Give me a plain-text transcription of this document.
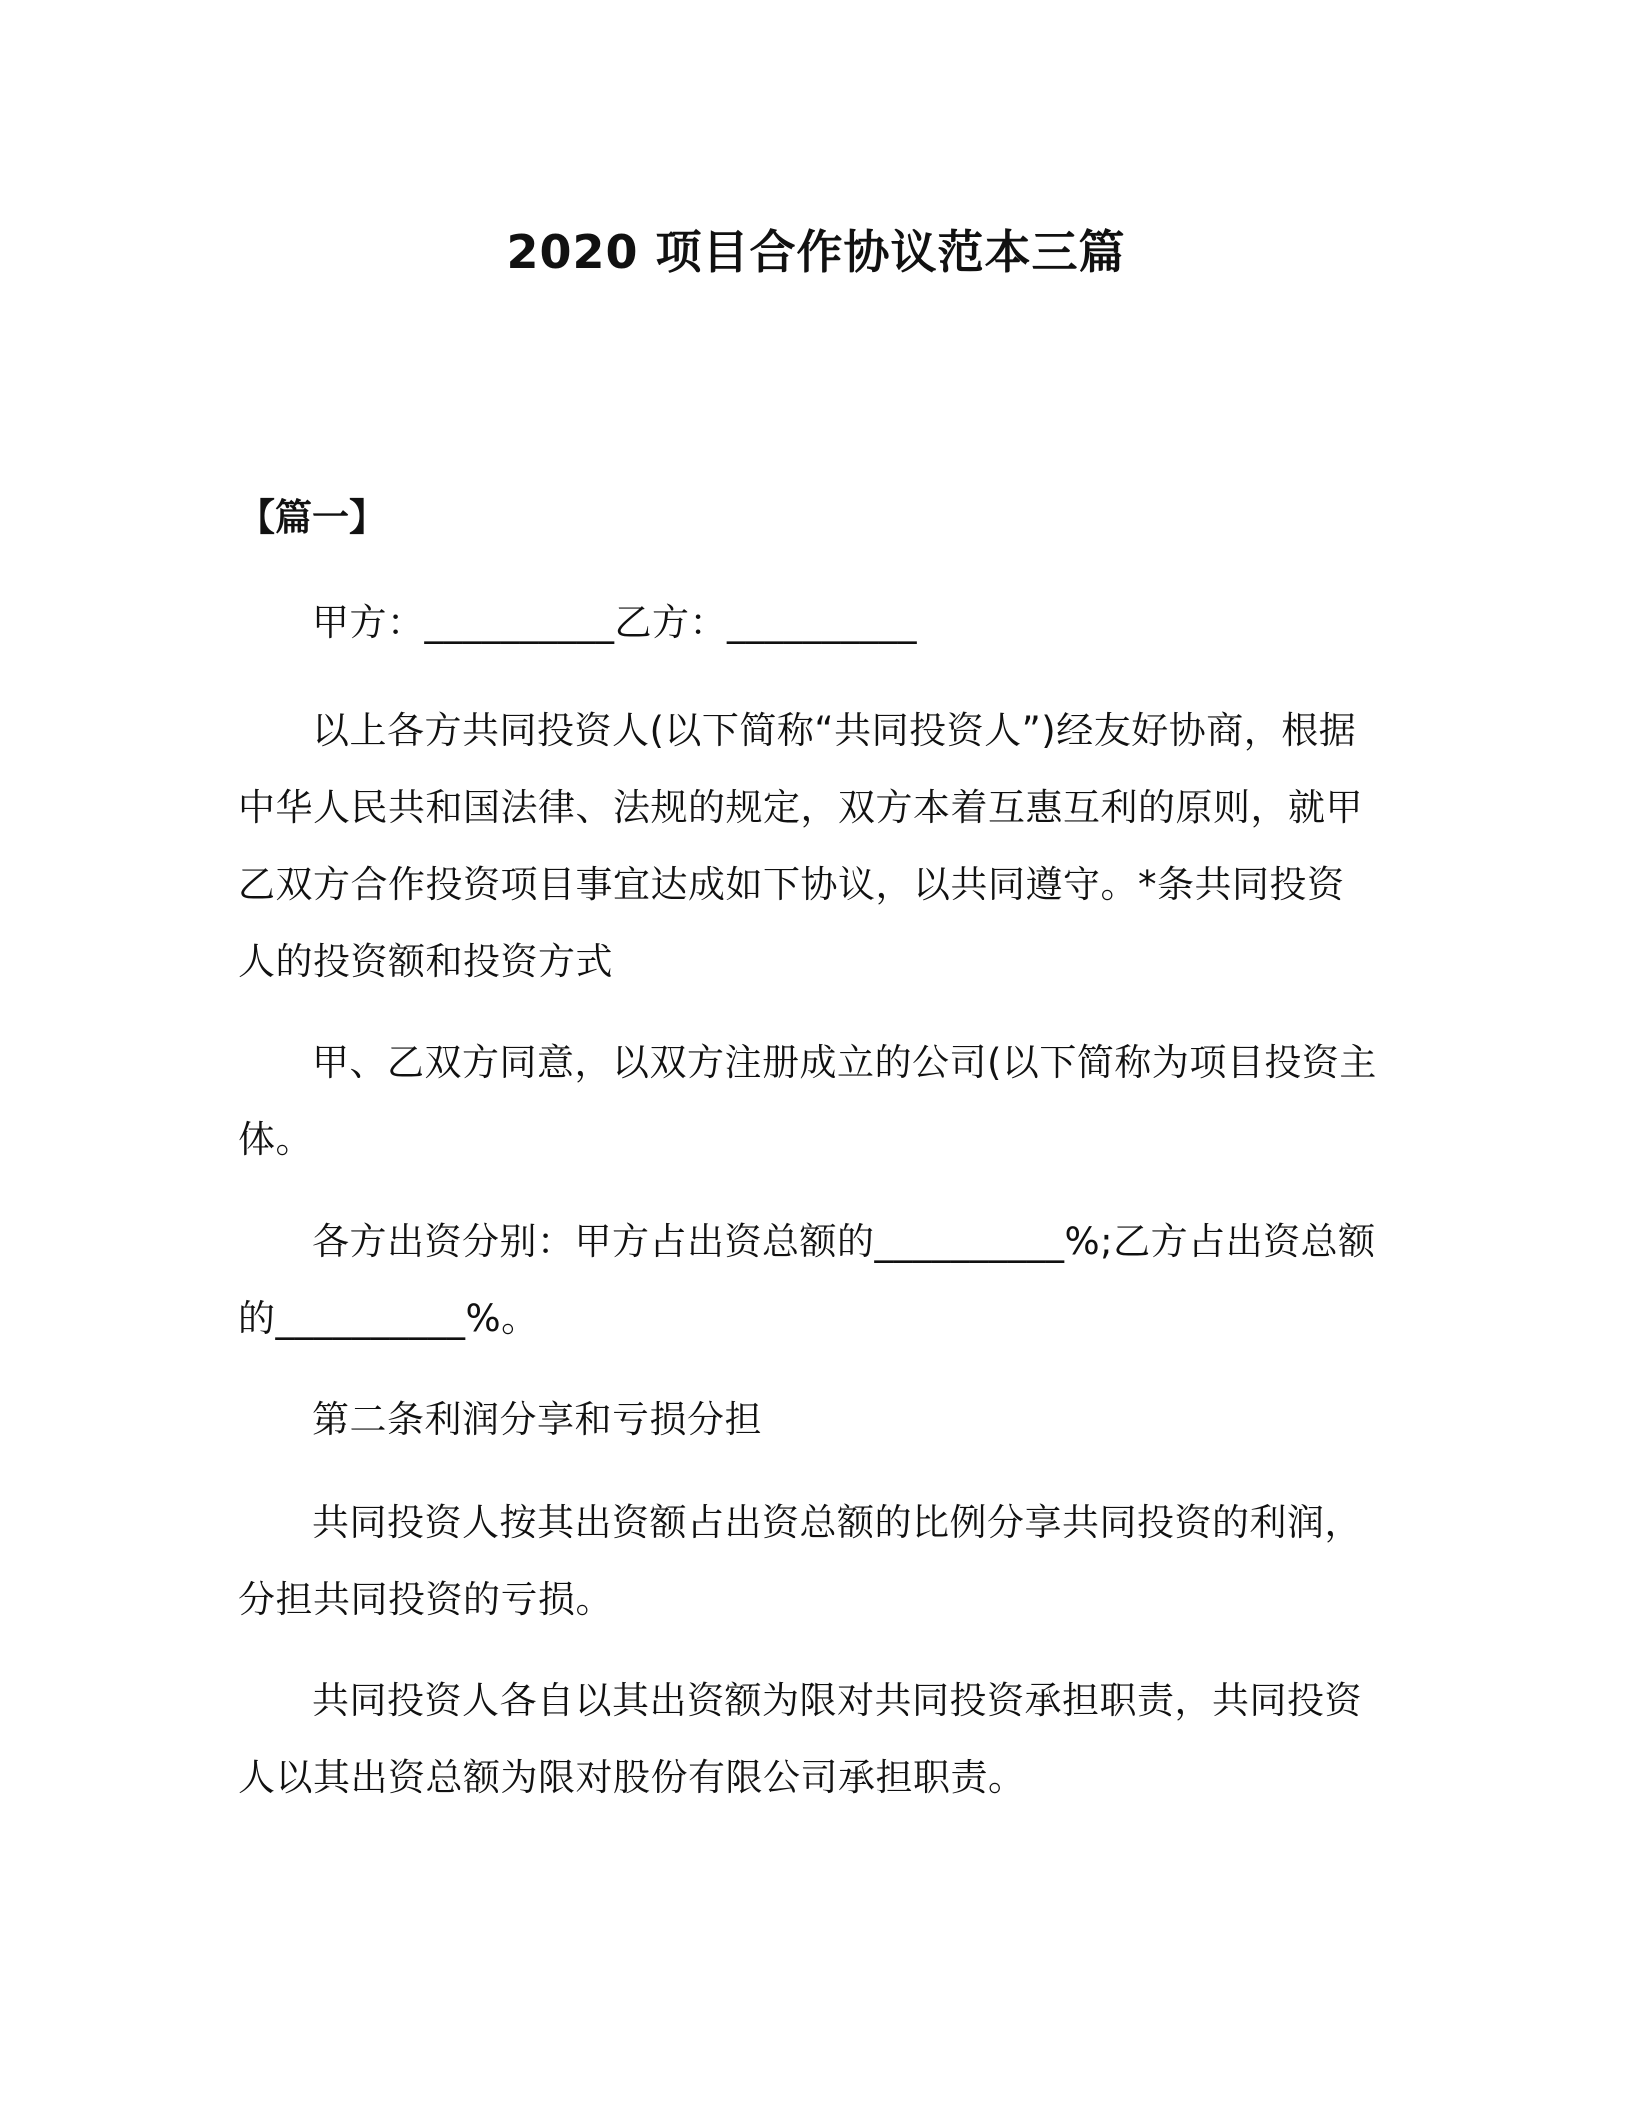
2020 项目合作协议范本三篇
【篇一】

甲方：__________乙方：__________

以上各方共同投资人(以下简称“共同投资人”)经友好协商，根据中华人民共和国法律、法规的规定，双方本着互惠互利的原则，就甲乙双方合作投资项目事宜达成如下协议，以共同遵守。*条共同投资人的投资额和投资方式

甲、乙双方同意，以双方注册成立的公司(以下简称为项目投资主体。

各方出资分别：甲方占出资总额的__________%;乙方占出资总额的__________%。

第二条利润分享和亏损分担

共同投资人按其出资额占出资总额的比例分享共同投资的利润，分担共同投资的亏损。

共同投资人各自以其出资额为限对共同投资承担职责，共同投资人以其出资总额为限对股份有限公司承担职责。
